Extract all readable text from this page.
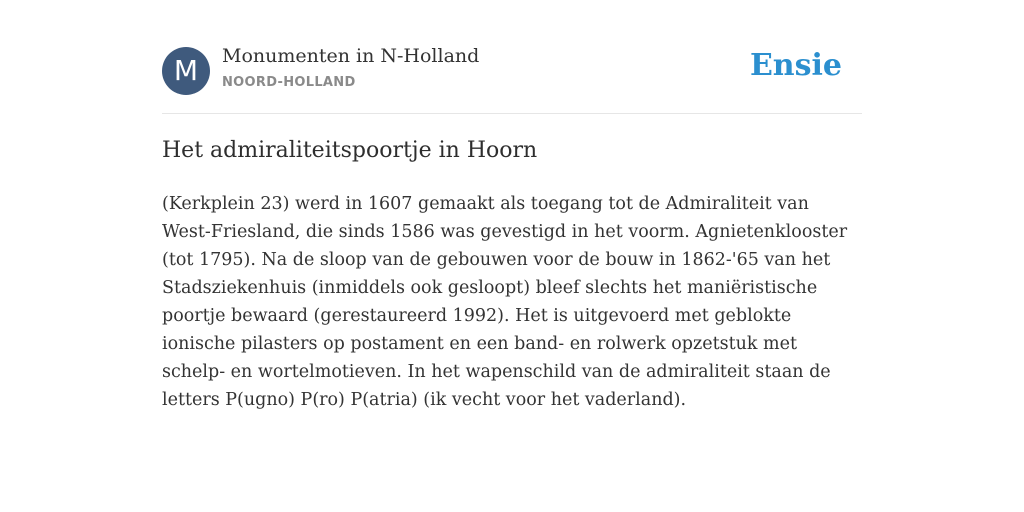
M	Monumenten in N-Holland
NOORD-HOLLAND	Ensie
Het admiraliteitspoortje in Hoorn

(Kerkplein 23) werd in 1607 gemaakt als toegang tot de Admiraliteit van West-Friesland, die sinds 1586 was gevestigd in het voorm. Agnietenklooster (tot 1795). Na de sloop van de gebouwen voor de bouw in 1862-'65 van het Stadsziekenhuis (inmiddels ook gesloopt) bleef slechts het maniëristische poortje bewaard (gerestaureerd 1992). Het is uitgevoerd met geblokte ionische pilasters op postament en een band- en rolwerk opzetstuk met schelp- en wortelmotieven. In het wapenschild van de admiraliteit staan de letters P(ugno) P(ro) P(atria) (ik vecht voor het vaderland).
